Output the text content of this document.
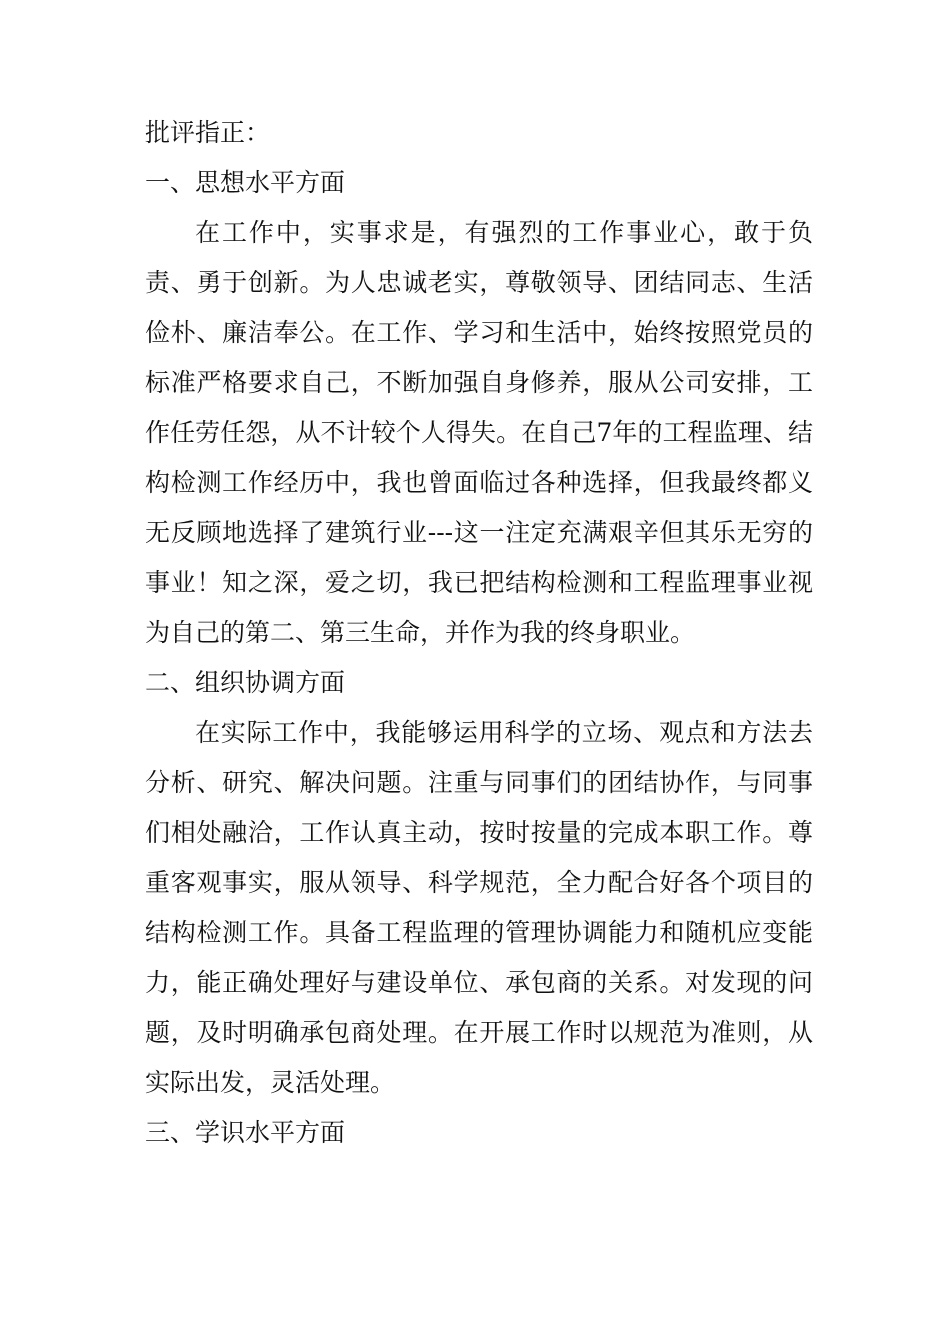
批评指正：

一、思想水平方面

在工作中，实事求是，有强烈的工作事业心，敢于负责、勇于创新。为人忠诚老实，尊敬领导、团结同志、生活俭朴、廉洁奉公。在工作、学习和生活中，始终按照党员的标准严格要求自己，不断加强自身修养，服从公司安排，工作任劳任怨，从不计较个人得失。在自己7年的工程监理、结构检测工作经历中，我也曾面临过各种选择，但我最终都义无反顾地选择了建筑行业---这一注定充满艰辛但其乐无穷的事业！知之深，爱之切，我已把结构检测和工程监理事业视为自己的第二、第三生命，并作为我的终身职业。

二、组织协调方面

在实际工作中，我能够运用科学的立场、观点和方法去分析、研究、解决问题。注重与同事们的团结协作，与同事们相处融洽，工作认真主动，按时按量的完成本职工作。尊重客观事实，服从领导、科学规范，全力配合好各个项目的结构检测工作。具备工程监理的管理协调能力和随机应变能力，能正确处理好与建设单位、承包商的关系。对发现的问题，及时明确承包商处理。在开展工作时以规范为准则，从实际出发，灵活处理。

三、学识水平方面
